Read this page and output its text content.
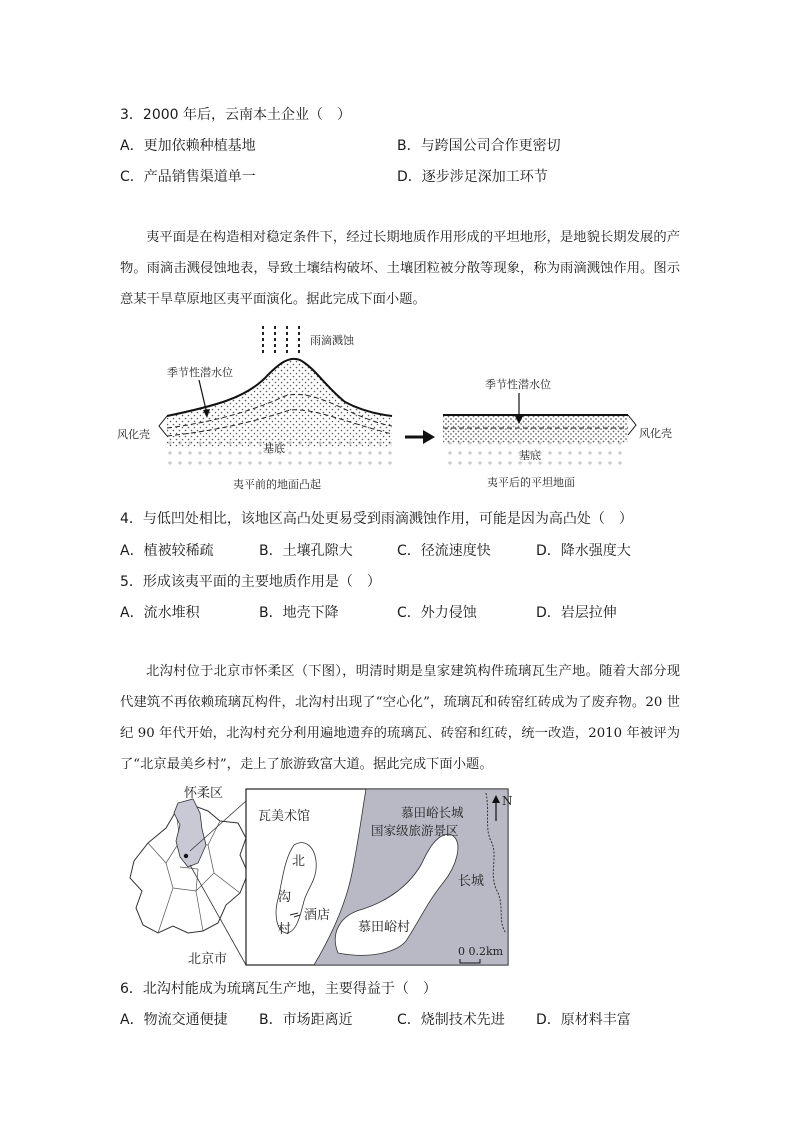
3．2000 年后，云南本土企业（　）
A．更加依赖种植基地	B．与跨国公司合作更密切
C．产品销售渠道单一	D．逐步涉足深加工环节
夷平面是在构造相对稳定条件下，经过长期地质作用形成的平坦地形，是地貌长期发展的产物。雨滴击溅侵蚀地表，导致土壤结构破坏、土壤团粒被分散等现象，称为雨滴溅蚀作用。图示意某干旱草原地区夷平面演化。据此完成下面小题。
雨滴溅蚀
季节性潜水位
风化壳
基底
季节性潜水位
风化壳
基底
夷平前的地面凸起	夷平后的平坦地面
4．与低凹处相比，该地区高凸处更易受到雨滴溅蚀作用，可能是因为高凸处（　）
A．植被较稀疏	B．土壤孔隙大	C．径流速度快	D．降水强度大
5．形成该夷平面的主要地质作用是（　）
A．流水堆积	B．地壳下降	C．外力侵蚀	D．岩层拉伸
北沟村位于北京市怀柔区（下图），明清时期是皇家建筑构件琉璃瓦生产地。随着大部分现代建筑不再依赖琉璃瓦构件，北沟村出现了“空心化”，琉璃瓦和砖窑红砖成为了废弃物。20 世纪 90 年代开始，北沟村充分利用遍地遗弃的琉璃瓦、砖窑和红砖，统一改造，2010 年被评为了“北京最美乡村”，走上了旅游致富大道。据此完成下面小题。
怀柔区
北京市
瓦美术馆
北
沟
村
酒店
慕田峪长城
国家级旅游景区
慕田峪村
长城
N
0 0.2km
6．北沟村能成为琉璃瓦生产地，主要得益于（　）
A．物流交通便捷 B．市场距离近	C．烧制技术先进 D．原材料丰富
